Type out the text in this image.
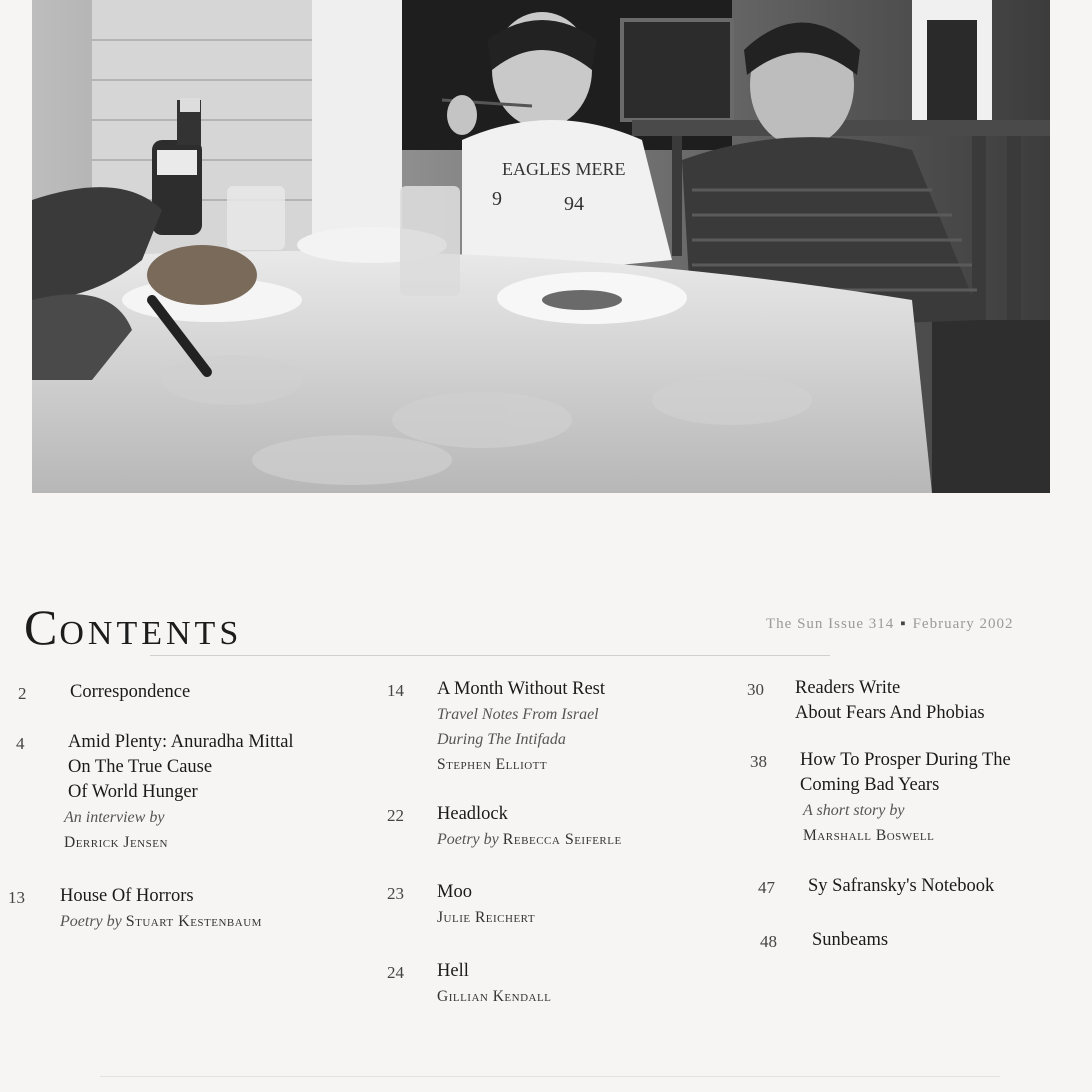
EAGLES MERE
9	94
CONTENTS	The Sun Issue 314 ▪ February 2002
2 Correspondence
4 Amid Plenty: Anuradha Mittal
On The True Cause
Of World Hunger
An interview by
Derrick Jensen
13 House Of Horrors
Poetry by Stuart Kestenbaum
14 A Month Without Rest
Travel Notes From Israel
During The Intifada
Stephen Elliott
22 Headlock
Poetry by Rebecca Seiferle
23 Moo
Julie Reichert
24 Hell
Gillian Kendall
30 Readers Write
About Fears And Phobias
38 How To Prosper During The
Coming Bad Years
A short story by
Marshall Boswell
47 Sy Safransky's Notebook
48 Sunbeams
